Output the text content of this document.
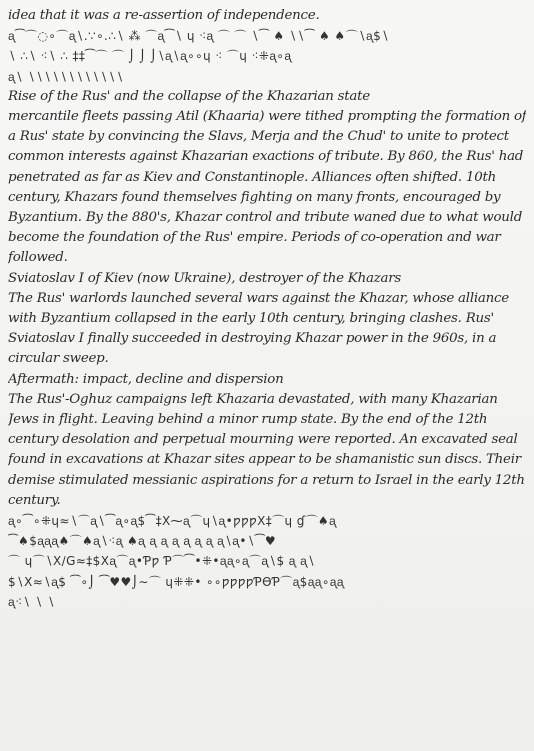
idea that it was a re-assertion of independence.
ᶏ⁀⌒◌∘⌒ᶏ∖.∵∘.∴∖ ⁂ ⌒ᶏ⁀∖ ɥ ⁖ᶏ ⌒ ⌒ ∖⁀ ♠ ∖∖⁀ ♠ ♠⌒∖ᶏ$∖
∖ ∴∖ ⁖∖ ∴ ‡‡⁀⌒ ⌒ ⌡ ⌡ ⌡∖ᶏ∖ᶏ∘∘ɥ ⁖ ⌒ɥ ⁖⁜ᶏ∘ᶏ
ᶏ∖ ∖∖∖∖∖∖∖∖∖∖∖∖
Rise of the Rus' and the collapse of the Khazarian state
mercantile fleets passing Atil (Khaaria) were tithed prompting the formation of
a Rus' state by convincing the Slavs, Merja and the Chud' to unite to protect
common interests against Khazarian exactions of tribute. By 860, the Rus' had
penetrated as far as Kiev and Constantinople. Alliances often shifted. 10th
century, Khazars found themselves fighting on many fronts, encouraged by
Byzantium. By the 880's, Khazar control and tribute waned due to what would
become the foundation of the Rus' empire. Periods of co-operation and war
followed.
Sviatoslav I of Kiev (now Ukraine), destroyer of the Khazars
The Rus' warlords launched several wars against the Khazar, whose alliance
with Byzantium collapsed in the early 10th century, bringing clashes. Rus'
Sviatoslav I finally succeeded in destroying Khazar power in the 960s, in a
circular sweep.
Aftermath: impact, decline and dispersion
The Rus'-Oghuz campaigns left Khazaria devastated, with many Khazarian
Jews in flight. Leaving behind a minor rump state. By the end of the 12th
century desolation and perpetual mourning were reported. An excavated seal
found in excavations at Khazar sites appear to be shamanistic sun discs. Their
demise stimulated messianic aspirations for a return to Israel in the early 12th
century.
ᶏ∘⁀∘⁜ɥ≈∖⌒ᶏ∖⁀ᶏ∘ᶏ$⁀‡X⁓ᶏ⌒ɥ∖ᶏ•ƿƿƿX‡⌒ɥ ɠ⌒♠ᶏ
⁀♠$ᶏᶏᶏ♠⌒♠ᶏ∖⁖ᶏ ♠ᶏ ᶏ ᶏ ᶏ ᶏ ᶏ ᶏ ᶏ∖ᶏ•∖⁀♥
⌒ ɥ⌒∖X∕G≈‡$Xᶏ⌒ᶏ•Ƥƿ Ƥ⌒⁀•⁜•ᶏᶏ∘ᶏ⌒ᶏ∖$ ᶏ ᶏ∖
$∖X≈∖ᶏ$ ⁀∘⌡ ⁀♥♥⌡∼⌒ ɥ⁜⁜• ∘∘ƿƿƿƿƤƟƤ⌒ᶏ$ᶏᶏ∘ᶏᶏ
ᶏ⁖∖ ∖ ∖
